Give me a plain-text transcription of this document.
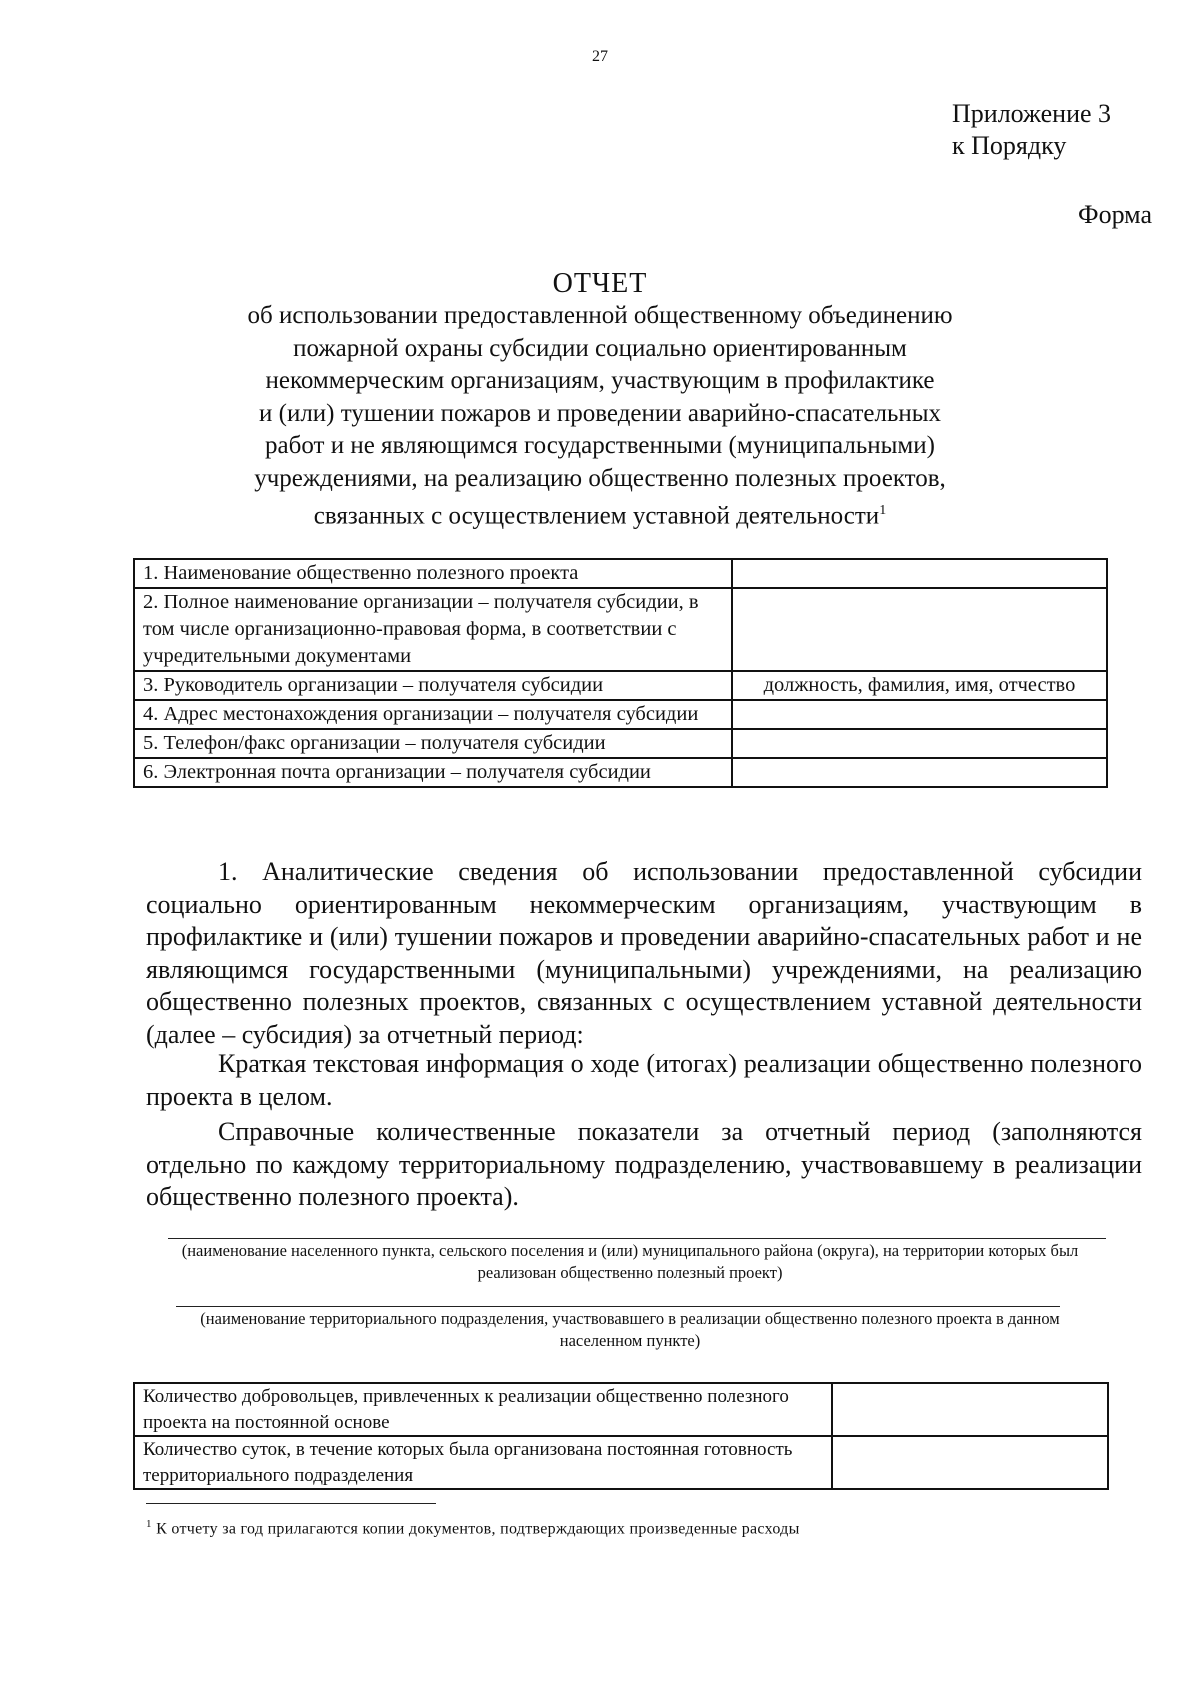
27
Приложение 3
к Порядку
Форма
ОТЧЕТ
об использовании предоставленной общественному объединению
пожарной охраны субсидии социально ориентированным
некоммерческим организациям, участвующим в профилактике
и (или) тушении пожаров и проведении аварийно-спасательных
работ и не являющимся государственными (муниципальными)
учреждениями, на реализацию общественно полезных проектов,
связанных с осуществлением уставной деятельности$^1$
1. Наименование общественно полезного проекта	
2. Полное наименование организации – получателя субсидии, в том числе организационно-правовая форма, в соответствии с учредительными документами	
3. Руководитель организации – получателя субсидии	должность, фамилия, имя, отчество
4. Адрес местонахождения организации – получателя субсидии	
5. Телефон/факс организации – получателя субсидии	
6. Электронная почта организации – получателя субсидии	
1. Аналитические сведения об использовании предоставленной субсидии социально ориентированным некоммерческим организациям, участвующим в профилактике и (или) тушении пожаров и проведении аварийно-спасательных работ и не являющимся государственными (муниципальными) учреждениями, на реализацию общественно полезных проектов, связанных с осуществлением уставной деятельности (далее – субсидия) за отчетный период:
Краткая текстовая информация о ходе (итогах) реализации общественно полезного проекта в целом.
Справочные количественные показатели за отчетный период (заполняются отдельно по каждому территориальному подразделению, участвовавшему в реализации общественно полезного проекта).
(наименование населенного пункта, сельского поселения и (или) муниципального района (округа), на территории которых был реализован общественно полезный проект)
(наименование территориального подразделения, участвовавшего в реализации общественно полезного проекта в данном населенном пункте)
Количество добровольцев, привлеченных к реализации общественно полезного проекта на постоянной основе	
Количество суток, в течение которых была организована постоянная готовность территориального подразделения	
$^1$ К отчету за год прилагаются копии документов, подтверждающих произведенные расходы
